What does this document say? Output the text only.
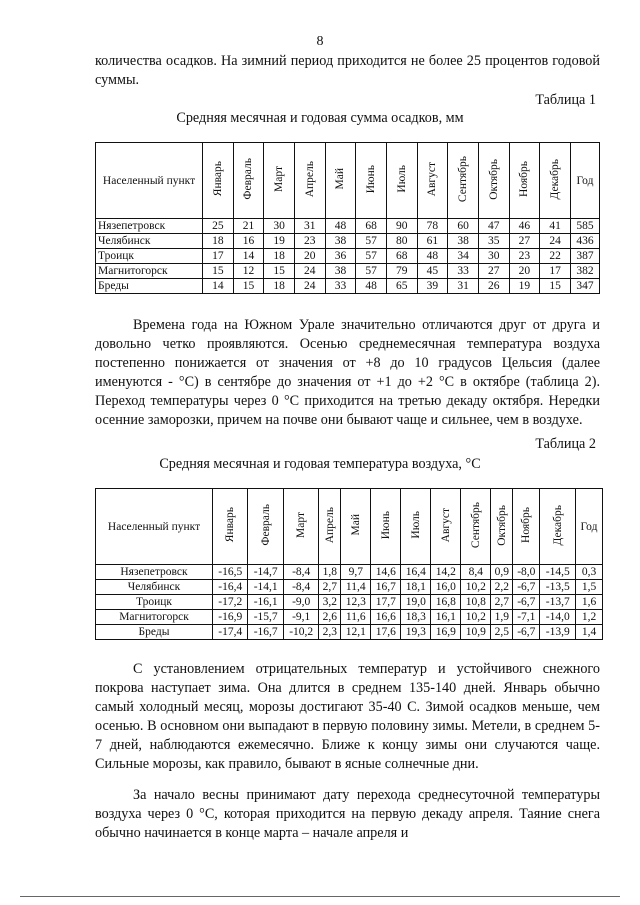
8

количества осадков. На зимний период приходится не более 25 процентов годовой суммы.

Таблица 1
Средняя месячная и годовая сумма осадков, мм
Населенный пункт	Январь	Февраль	Март	Апрель	Май	Июнь	Июль	Август	Сентябрь	Октябрь	Ноябрь	Декабрь	Год
Нязепетровск	25	21	30	31	48	68	90	78	60	47	46	41	585
Челябинск	18	16	19	23	38	57	80	61	38	35	27	24	436
Троицк	17	14	18	20	36	57	68	48	34	30	23	22	387
Магнитогорск	15	12	15	24	38	57	79	45	33	27	20	17	382
Бреды	14	15	18	24	33	48	65	39	31	26	19	15	347

Времена года на Южном Урале значительно отличаются друг от друга и довольно четко проявляются. Осенью среднемесячная температура воздуха постепенно понижается от значения от +8 до 10 градусов Цельсия (далее именуются - °С) в сентябре до значения от +1 до +2 °С в октябре (таблица 2). Переход температуры через 0 °С приходится на третью декаду октября. Нередки осенние заморозки, причем на почве они бывают чаще и сильнее, чем в воздухе.

Таблица 2
Средняя месячная и годовая температура воздуха, °С
Населенный пункт	Январь	Февраль	Март	Апрель	Май	Июнь	Июль	Август	Сентябрь	Октябрь	Ноябрь	Декабрь	Год
Нязепетровск	-16,5	-14,7	-8,4	1,8	9,7	14,6	16,4	14,2	8,4	0,9	-8,0	-14,5	0,3
Челябинск	-16,4	-14,1	-8,4	2,7	11,4	16,7	18,1	16,0	10,2	2,2	-6,7	-13,5	1,5
Троицк	-17,2	-16,1	-9,0	3,2	12,3	17,7	19,0	16,8	10,8	2,7	-6,7	-13,7	1,6
Магнитогорск	-16,9	-15,7	-9,1	2,6	11,6	16,6	18,3	16,1	10,2	1,9	-7,1	-14,0	1,2
Бреды	-17,4	-16,7	-10,2	2,3	12,1	17,6	19,3	16,9	10,9	2,5	-6,7	-13,9	1,4

С установлением отрицательных температур и устойчивого снежного покрова наступает зима. Она длится в среднем 135-140 дней. Январь обычно самый холодный месяц, морозы достигают 35-40 С. Зимой осадков меньше, чем осенью. В основном они выпадают в первую половину зимы. Метели, в среднем 5-7 дней, наблюдаются ежемесячно. Ближе к концу зимы они случаются чаще. Сильные морозы, как правило, бывают в ясные солнечные дни.

За начало весны принимают дату перехода среднесуточной температуры воздуха через 0 °С, которая приходится на первую декаду апреля. Таяние снега обычно начинается в конце марта – начале апреля и
